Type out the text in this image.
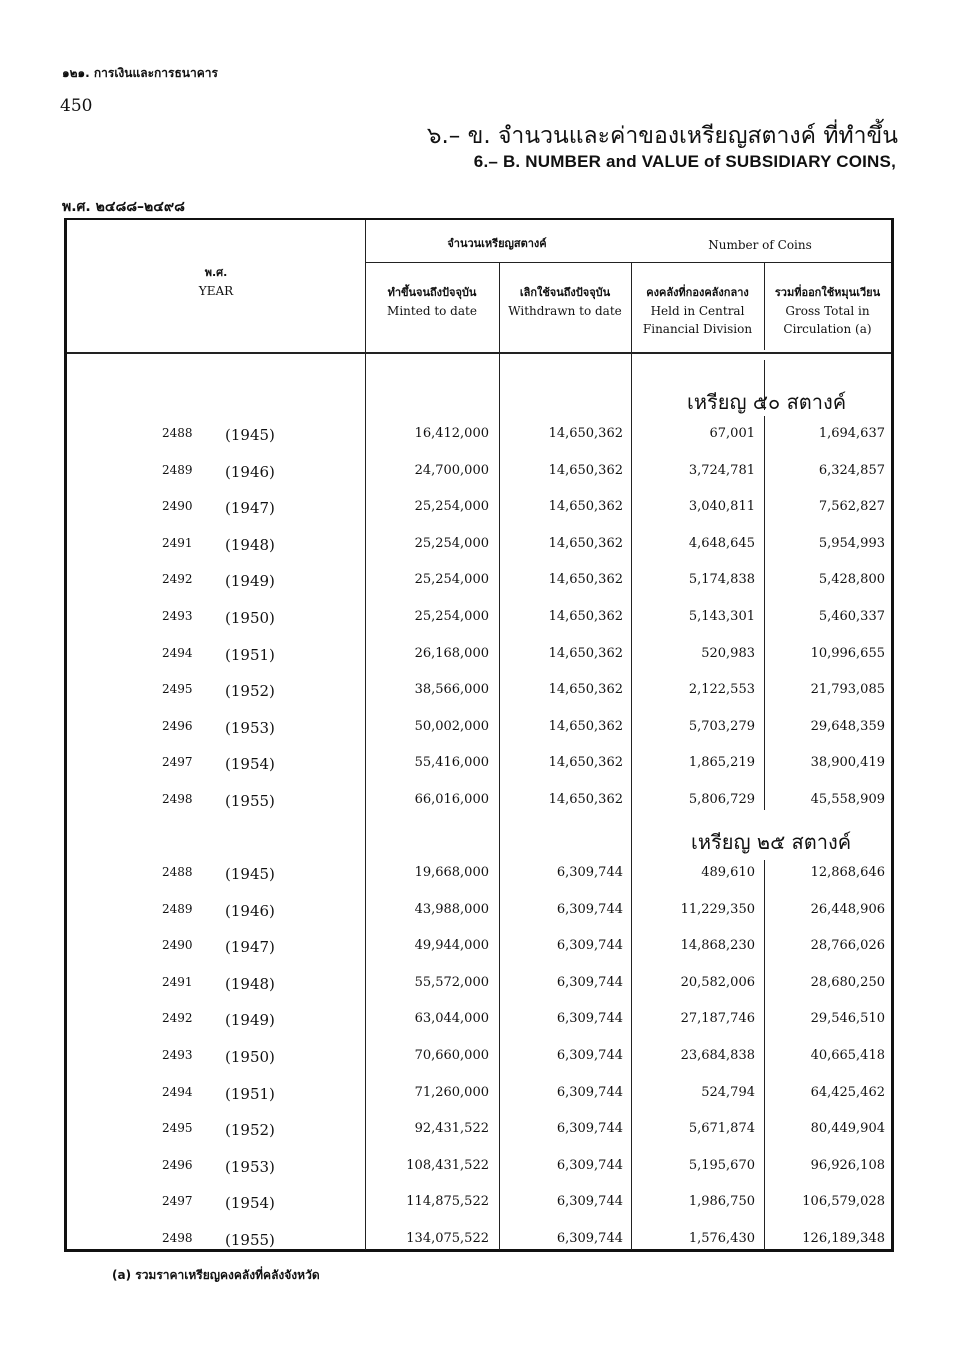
๑๒๑. การเงินและการธนาคาร
450
๖.– ข. จำนวนและค่าของเหรียญสตางค์ ที่ทำขึ้น
6.– B. NUMBER and VALUE of SUBSIDIARY COINS,
พ.ศ. ๒๔๘๘–๒๔๙๘
พ.ศ.
YEAR
จำนวนเหรียญสตางค์	Number of Coins
ทำขึ้นจนถึงปัจจุบัน
Minted to date
เลิกใช้จนถึงปัจจุบัน
Withdrawn to date
คงคลังที่กองคลังกลาง
Held in Central
Financial Division
รวมที่ออกใช้หมุนเวียน
Gross Total in
Circulation (a)
เหรียญ ๕๐ สตางค์
เหรียญ ๒๕ สตางค์
2488	(1945)	16,412,000	14,650,362	67,001	1,694,637
2489	(1946)	24,700,000	14,650,362	3,724,781	6,324,857
2490	(1947)	25,254,000	14,650,362	3,040,811	7,562,827
2491	(1948)	25,254,000	14,650,362	4,648,645	5,954,993
2492	(1949)	25,254,000	14,650,362	5,174,838	5,428,800
2493	(1950)	25,254,000	14,650,362	5,143,301	5,460,337
2494	(1951)	26,168,000	14,650,362	520,983	10,996,655
2495	(1952)	38,566,000	14,650,362	2,122,553	21,793,085
2496	(1953)	50,002,000	14,650,362	5,703,279	29,648,359
2497	(1954)	55,416,000	14,650,362	1,865,219	38,900,419
2498	(1955)	66,016,000	14,650,362	5,806,729	45,558,909
2488	(1945)	19,668,000	6,309,744	489,610	12,868,646
2489	(1946)	43,988,000	6,309,744	11,229,350	26,448,906
2490	(1947)	49,944,000	6,309,744	14,868,230	28,766,026
2491	(1948)	55,572,000	6,309,744	20,582,006	28,680,250
2492	(1949)	63,044,000	6,309,744	27,187,746	29,546,510
2493	(1950)	70,660,000	6,309,744	23,684,838	40,665,418
2494	(1951)	71,260,000	6,309,744	524,794	64,425,462
2495	(1952)	92,431,522	6,309,744	5,671,874	80,449,904
2496	(1953)	108,431,522	6,309,744	5,195,670	96,926,108
2497	(1954)	114,875,522	6,309,744	1,986,750	106,579,028
2498	(1955)	134,075,522	6,309,744	1,576,430	126,189,348
(a) รวมราคาเหรียญคงคลังที่คลังจังหวัด
